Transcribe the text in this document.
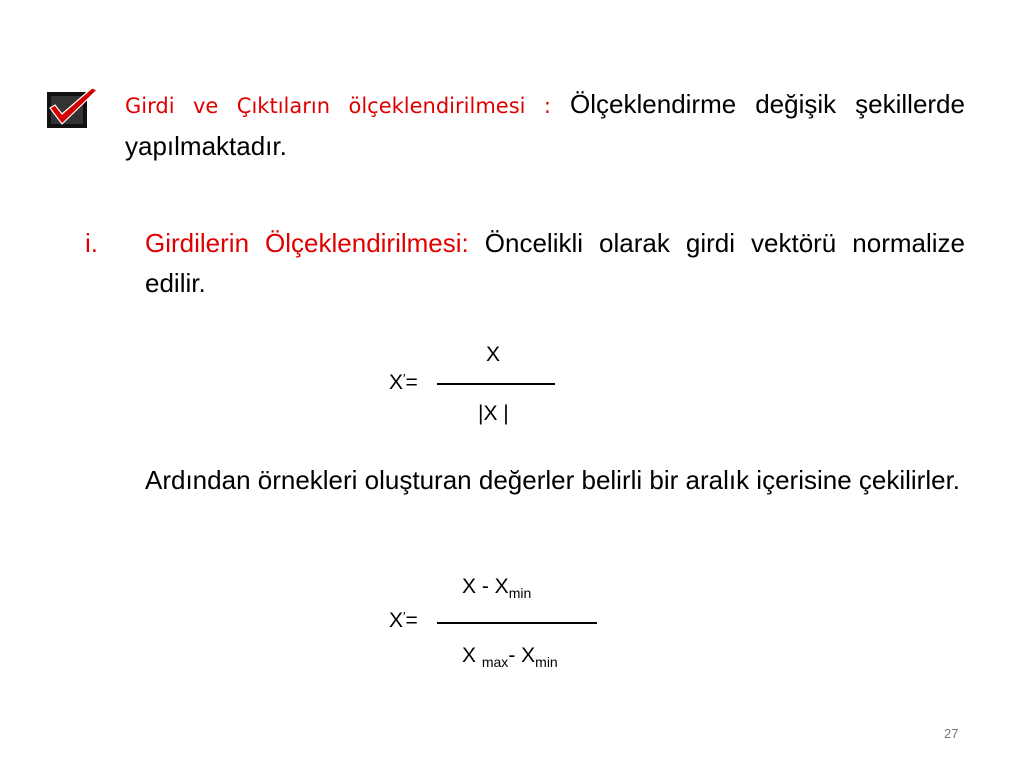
Girdi ve Çıktıların ölçeklendirilmesi : Ölçeklendirme değişik şekillerde yapılmaktadır.
i. Girdilerin Ölçeklendirilmesi: Öncelikli olarak girdi vektörü normalize edilir.
X′=
X
|X |
Ardından örnekleri oluşturan değerler belirli bir aralık içerisine çekilirler.
X′=
X - $X_{min}$
X $_{max}$- $X_{min}$
27
